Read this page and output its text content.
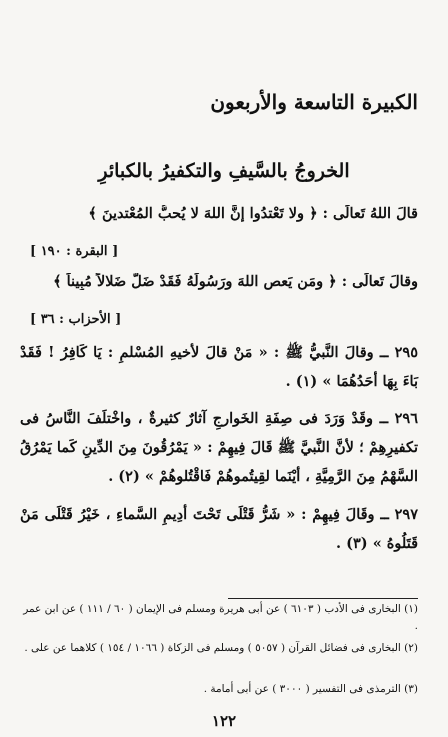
الكبيرة التاسعة والأربعون
الخروجُ بالسَّيفِ والتكفيرُ بالكبائرِ
قالَ اللهُ تَعالَى : ﴿ ولا تَعْتدُوا إنَّ اللهَ لا يُحبُّ المُعْتدينَ ﴾
[ البقرة : ١٩٠ ]
وقالَ تَعالَى : ﴿ ومَن يَعصِ اللهَ ورَسُولَهُ فَقَدْ ضَلَّ ضَلالاً مُبِيناً ﴾
[ الأحزاب : ٣٦ ]
٢٩٥ ــ وقالَ النَّبيُّ ﷺ : « مَنْ قالَ لأخيهِ المُسْلمِ : يَا كَافِرُ ! فَقَدْ بَاءَ بِهَا أحَدُهُمَا » (١) .
٢٩٦ ــ وقَدْ وَرَدَ فى صِفَةِ الخَوارجِ آثارٌ كثيرةٌ ، واخْتلَفَ النَّاسُ فى تكفيرِهِمْ ؛ لأنَّ النَّبيَّ ﷺ قَالَ فِيهِمْ : « يَمْرُقُونَ مِنَ الدِّينِ كَما يَمْرُقُ السَّهْمُ مِنَ الرَّمِيَّةِ ، أيْنَما لقِيتُموهُمْ فَاقْتُلوهُمْ » (٢) .
٢٩٧ ــ وقَالَ فِيهِمْ : « شَرُّ قَتْلَى تَحْتَ أدِيمِ السَّماءِ ، خَيْرُ قَتْلَى مَنْ قَتَلُوهُ » (٣) .
(١) البخارى فى الأدب ( ٦١٠٣ ) عن أبى هريرة ومسلم فى الإيمان ( ٦٠ / ١١١ ) عن ابن عمر .
(٢) البخارى فى فضائل القرآن ( ٥٠٥٧ ) ومسلم فى الزكاة ( ١٠٦٦ / ١٥٤ ) كلاهما عن على .
(٣) الترمذى فى التفسير ( ٣٠٠٠ ) عن أبى أمامة .
١٢٢
